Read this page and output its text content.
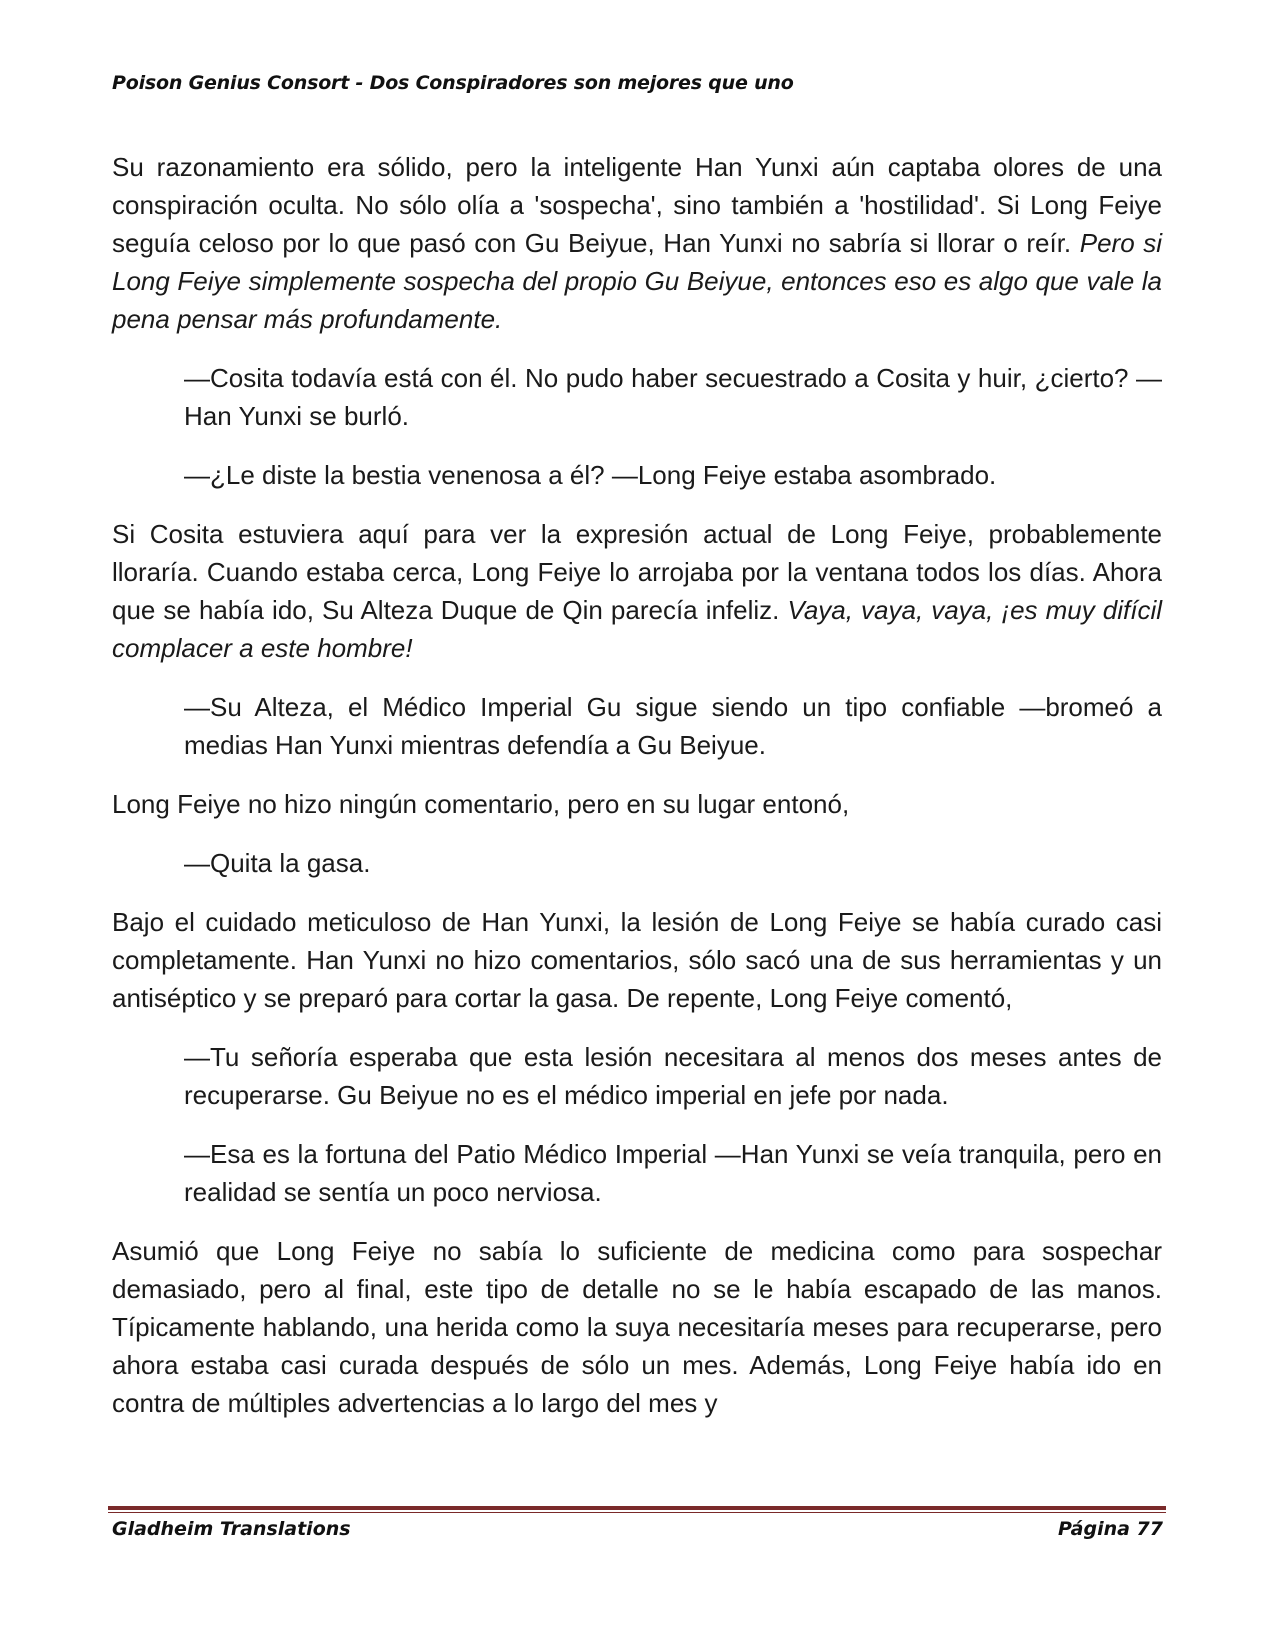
Poison Genius Consort - Dos Conspiradores son mejores que uno

Su razonamiento era sólido, pero la inteligente Han Yunxi aún captaba olores de una conspiración oculta. No sólo olía a 'sospecha', sino también a 'hostilidad'. Si Long Feiye seguía celoso por lo que pasó con Gu Beiyue, Han Yunxi no sabría si llorar o reír. Pero si Long Feiye simplemente sospecha del propio Gu Beiyue, entonces eso es algo que vale la pena pensar más profundamente.

—Cosita todavía está con él. No pudo haber secuestrado a Cosita y huir, ¿cierto? —Han Yunxi se burló.

—¿Le diste la bestia venenosa a él? —Long Feiye estaba asombrado.

Si Cosita estuviera aquí para ver la expresión actual de Long Feiye, probablemente lloraría. Cuando estaba cerca, Long Feiye lo arrojaba por la ventana todos los días. Ahora que se había ido, Su Alteza Duque de Qin parecía infeliz. Vaya, vaya, vaya, ¡es muy difícil complacer a este hombre!

—Su Alteza, el Médico Imperial Gu sigue siendo un tipo confiable —bromeó a medias Han Yunxi mientras defendía a Gu Beiyue.

Long Feiye no hizo ningún comentario, pero en su lugar entonó,

—Quita la gasa.

Bajo el cuidado meticuloso de Han Yunxi, la lesión de Long Feiye se había curado casi completamente. Han Yunxi no hizo comentarios, sólo sacó una de sus herramientas y un antiséptico y se preparó para cortar la gasa. De repente, Long Feiye comentó,

—Tu señoría esperaba que esta lesión necesitara al menos dos meses antes de recuperarse. Gu Beiyue no es el médico imperial en jefe por nada.

—Esa es la fortuna del Patio Médico Imperial —Han Yunxi se veía tranquila, pero en realidad se sentía un poco nerviosa.

Asumió que Long Feiye no sabía lo suficiente de medicina como para sospechar demasiado, pero al final, este tipo de detalle no se le había escapado de las manos. Típicamente hablando, una herida como la suya necesitaría meses para recuperarse, pero ahora estaba casi curada después de sólo un mes. Además, Long Feiye había ido en contra de múltiples advertencias a lo largo del mes y

Gladheim Translations	Página 77
